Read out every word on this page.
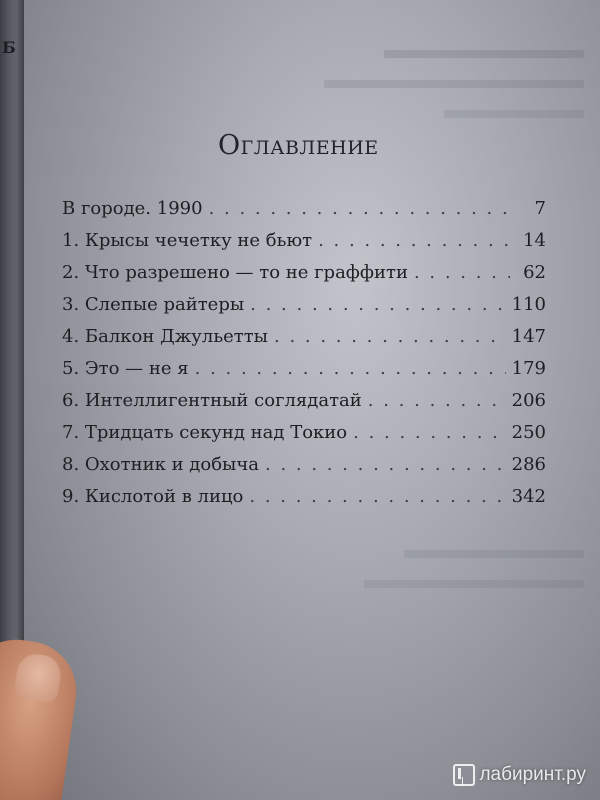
Б
Оглавление
В городе. 1990 . . .	7
1. Крысы чечетку не бьют . . .	14
2. Что разрешено — то не граффити . . .	62
3. Слепые райтеры . . .	110
4. Балкон Джульетты . . .	147
5. Это — не я . . .	179
6. Интеллигентный соглядатай . . .	206
7. Тридцать секунд над Токио . . .	250
8. Охотник и добыча . . .	286
9. Кислотой в лицо . . .	342
лабиринт.ру
